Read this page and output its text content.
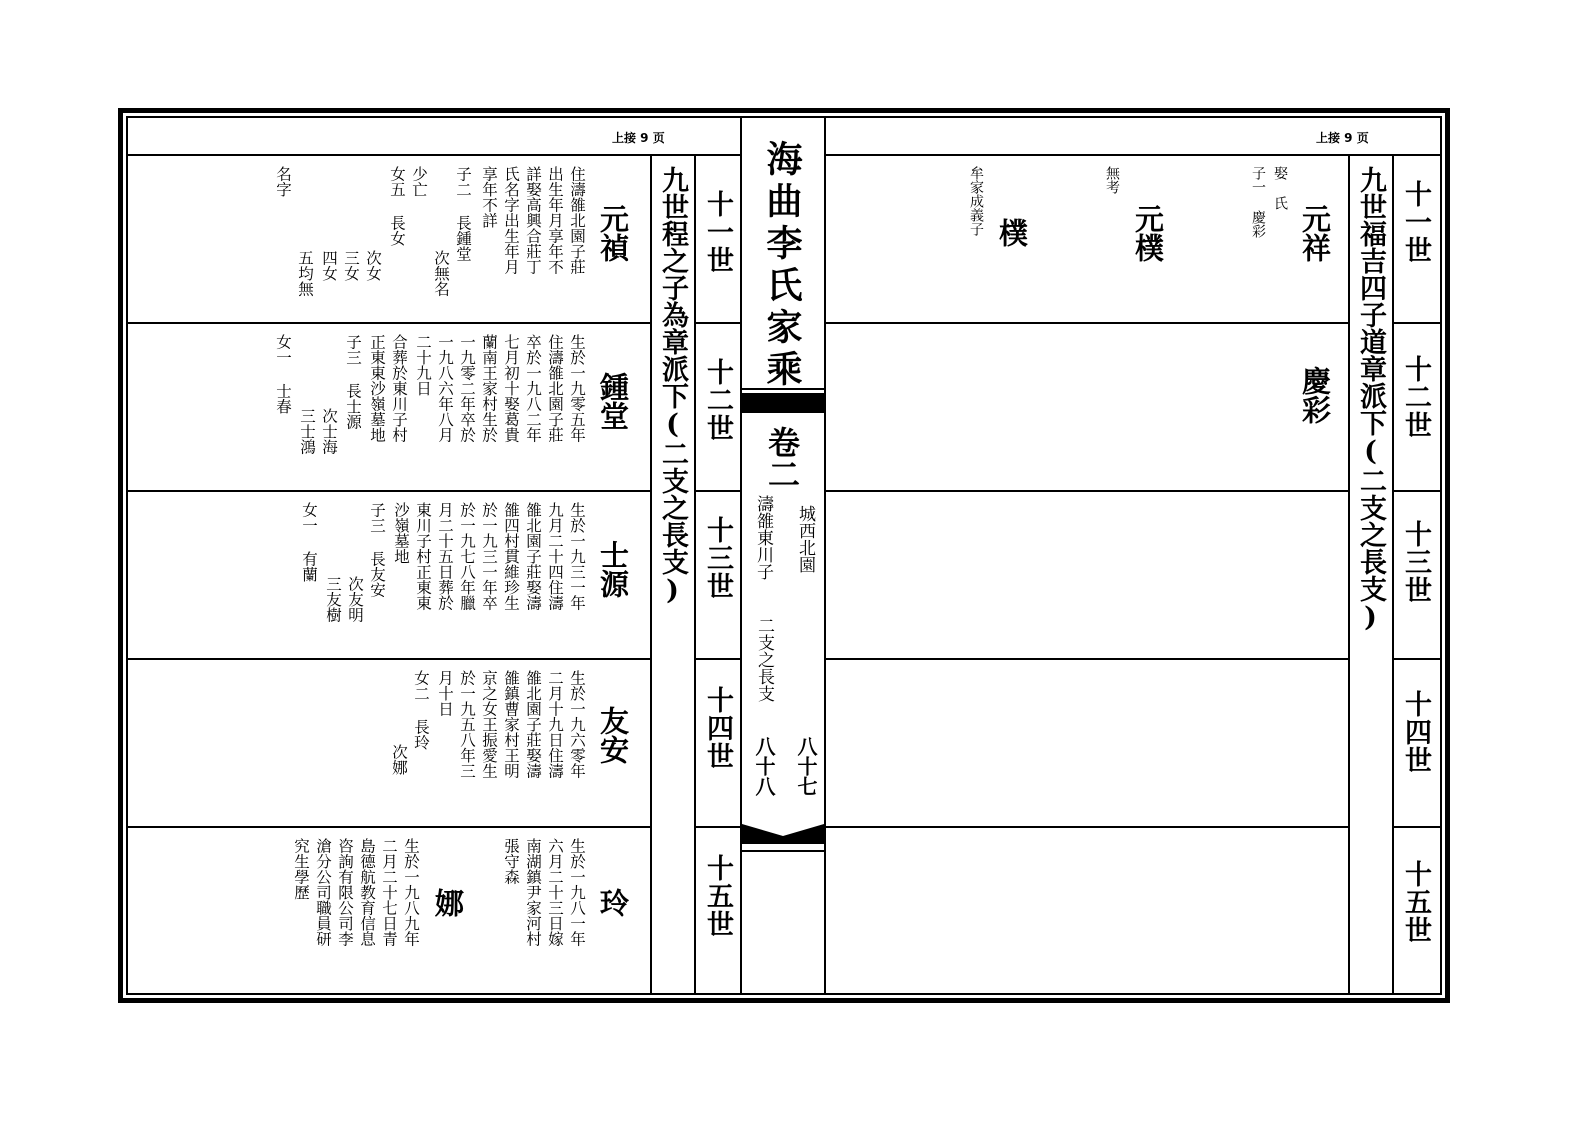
上接 9 页	上接 9 页
海曲李氏家乘
卷二
城西北園
濤雒東川子
二支之長支
八十七
八十八
九世程之子為章派下(二支之長支) 十一世
十二世
十三世
十四世
十五世
九世福吉四子道章派下(二支之長支) 十一世
十二世
十三世
十四世
十五世
元禎
住濤雒北園子莊
出生年月享年不
詳娶高興合莊丁
氏名字出生年月
享年不詳
子二 長鍾堂
次無名
少亡
女五 長女
次女
三女
四女
五均無
名字
鍾堂
生於一九零五年
住濤雒北園子莊
卒於一九八二年
七月初十娶葛貴
蘭南王家村生於
一九零二年卒於
一九八六年八月
二十九日
合葬於東川子村
正東東沙嶺墓地
子三 長士源
次士海
三士鴻
女一 士春
士源
生於一九三一年
九月二十四住濤
雒北園子莊娶濤
雒四村貫維珍生
於一九三一年卒
於一九七八年臘
月二十五日葬於
東川子村正東東
沙嶺墓地
子三 長友安
次友明
三友樹
女一 有蘭
友安
生於一九六零年
二月十九日住濤
雒北園子莊娶濤
雒鎮曹家村王明
京之女王振愛生
於一九五八年三
月十日
女二 長玲
次娜
玲
生於一九八一年
六月二十三日嫁
南湖鎮尹家河村
張守森
娜
生於一九八九年
二月二十七日青
島德航教育信息
咨詢有限公司李
滄分公司職員研
究生學歷
元祥
娶 氏
子一 慶彩
元樸
無考
樸
牟家成義子
慶彩
